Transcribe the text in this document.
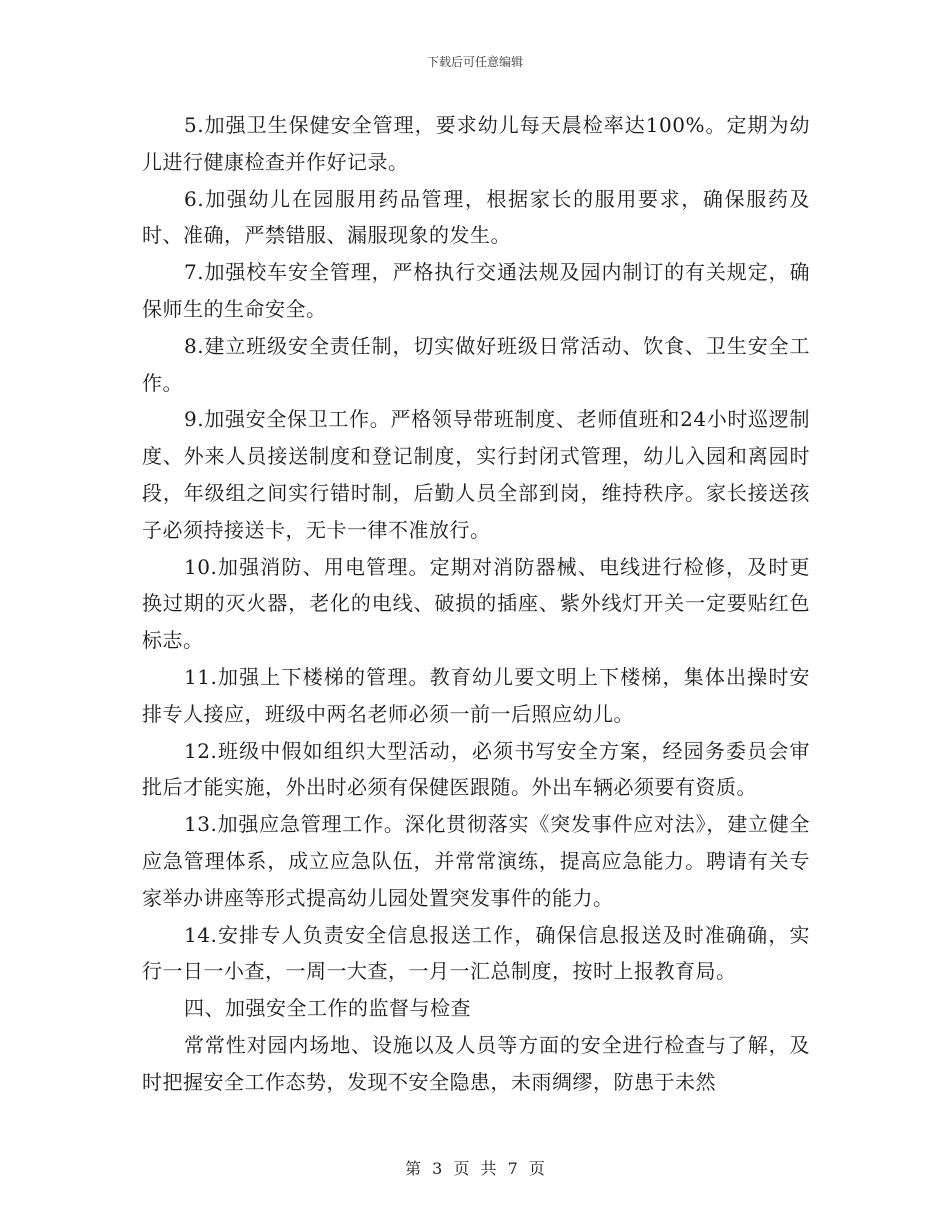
下载后可任意编辑

5.加强卫生保健安全管理，要求幼儿每天晨检率达100%。定期为幼儿进行健康检查并作好记录。

6.加强幼儿在园服用药品管理，根据家长的服用要求，确保服药及时、准确，严禁错服、漏服现象的发生。

7.加强校车安全管理，严格执行交通法规及园内制订的有关规定，确保师生的生命安全。

8.建立班级安全责任制，切实做好班级日常活动、饮食、卫生安全工作。

9.加强安全保卫工作。严格领导带班制度、老师值班和24小时巡逻制度、外来人员接送制度和登记制度，实行封闭式管理，幼儿入园和离园时段，年级组之间实行错时制，后勤人员全部到岗，维持秩序。家长接送孩子必须持接送卡，无卡一律不准放行。

10.加强消防、用电管理。定期对消防器械、电线进行检修，及时更换过期的灭火器，老化的电线、破损的插座、紫外线灯开关一定要贴红色标志。

11.加强上下楼梯的管理。教育幼儿要文明上下楼梯，集体出操时安排专人接应，班级中两名老师必须一前一后照应幼儿。

12.班级中假如组织大型活动，必须书写安全方案，经园务委员会审批后才能实施，外出时必须有保健医跟随。外出车辆必须要有资质。

13.加强应急管理工作。深化贯彻落实《突发事件应对法》，建立健全应急管理体系，成立应急队伍，并常常演练，提高应急能力。聘请有关专家举办讲座等形式提高幼儿园处置突发事件的能力。

14.安排专人负责安全信息报送工作，确保信息报送及时准确确，实行一日一小查，一周一大查，一月一汇总制度，按时上报教育局。

四、加强安全工作的监督与检查

常常性对园内场地、设施以及人员等方面的安全进行检查与了解，及时把握安全工作态势，发现不安全隐患，未雨绸缪，防患于未然

第 3 页 共 7 页
